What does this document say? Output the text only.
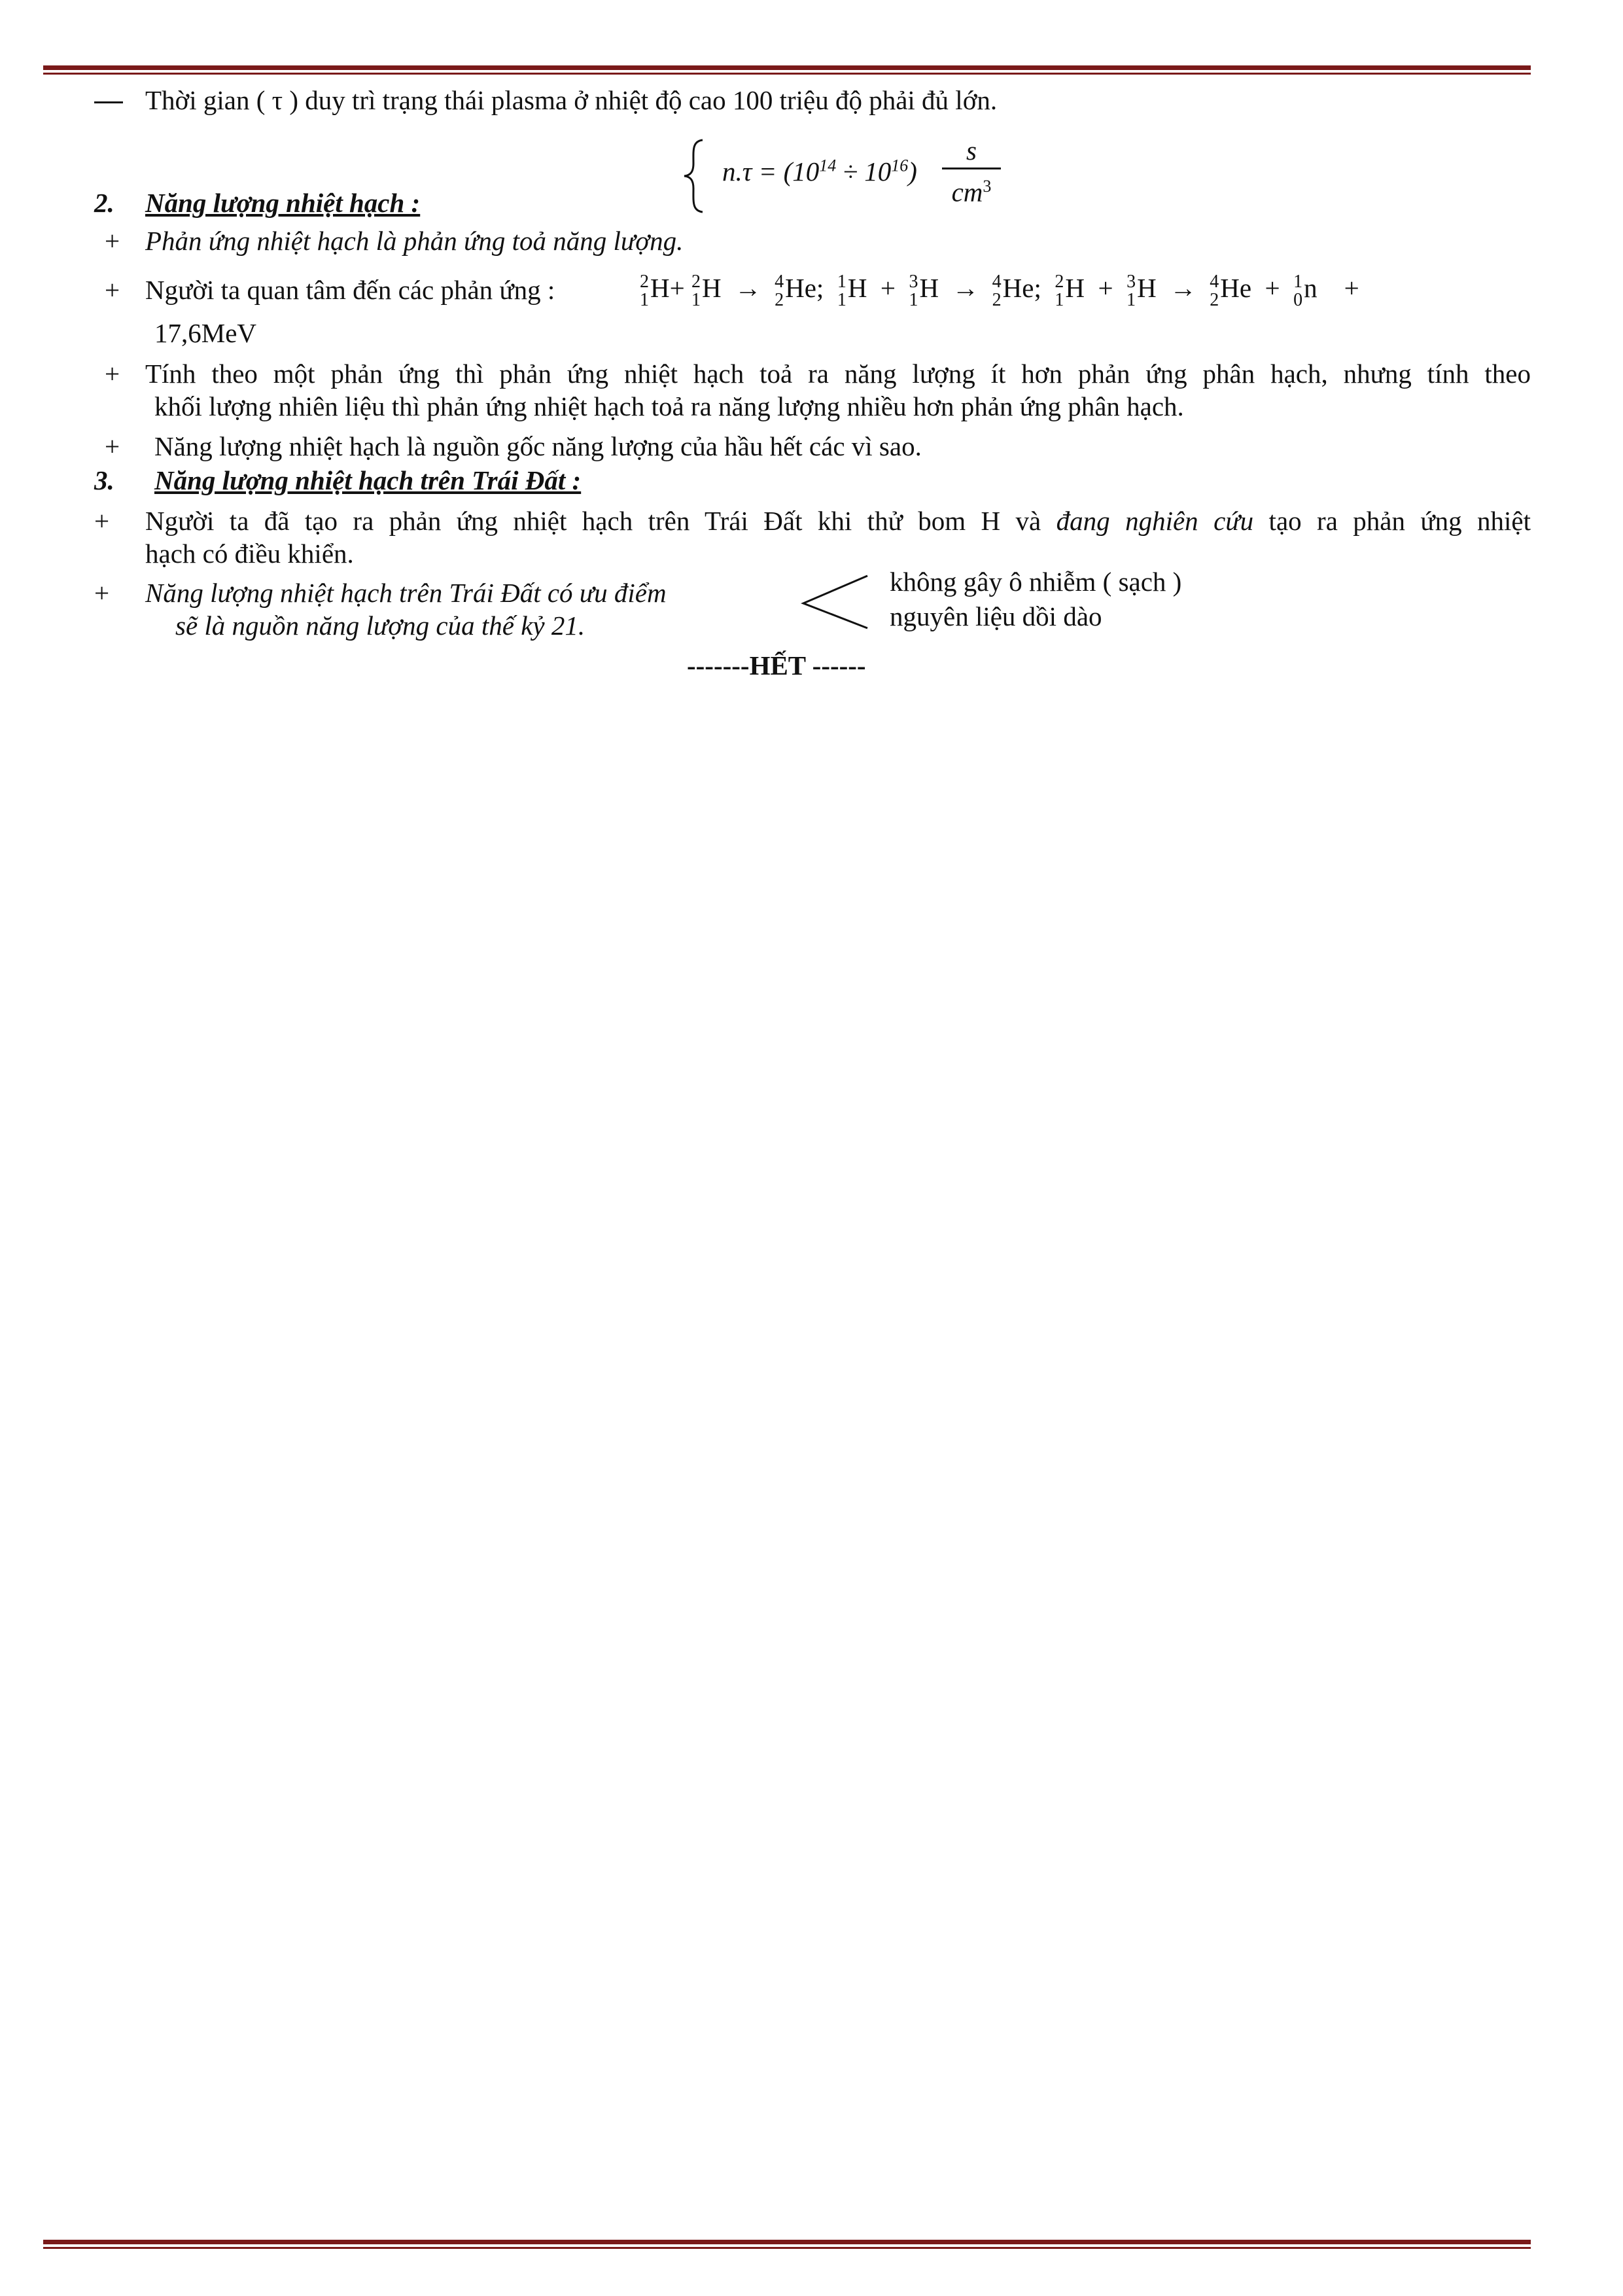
Thời gian ( τ ) duy trì trạng thái plasma ở nhiệt độ cao 100 triệu độ phải đủ lớn.
$n.\tau = (10^{14} \div 10^{16})$
s
$cm^3$
2. Năng lượng nhiệt hạch :
+ Phản ứng nhiệt hạch là phản ứng toả năng lượng.
+ Người ta quan tâm đến các phản ứng :	2
1 H+ 2
1 H → 4
2 He; 1
1 H + 3
1 H → 4
2 He; 2
1 H + 3
1 H → 4
2 He + 1
0 n +
17,6MeV
+ Tính theo một phản ứng thì phản ứng nhiệt hạch toả ra năng lượng ít hơn phản ứng phân hạch, nhưng tính theo
khối lượng nhiên liệu thì phản ứng nhiệt hạch toả ra năng lượng nhiều hơn phản ứng phân hạch.
+ Năng lượng nhiệt hạch là nguồn gốc năng lượng của hầu hết các vì sao.
3. Năng lượng nhiệt hạch trên Trái Đất :
+ Người ta đã tạo ra phản ứng nhiệt hạch trên Trái Đất khi thử bom H và đang nghiên cứu tạo ra phản ứng nhiệt
hạch có điều khiển.
+ Năng lượng nhiệt hạch trên Trái Đất có ưu điểm
sẽ là nguồn năng lượng của thế kỷ 21.
không gây ô nhiễm ( sạch )
nguyên liệu dồi dào
-------HẾT ------
